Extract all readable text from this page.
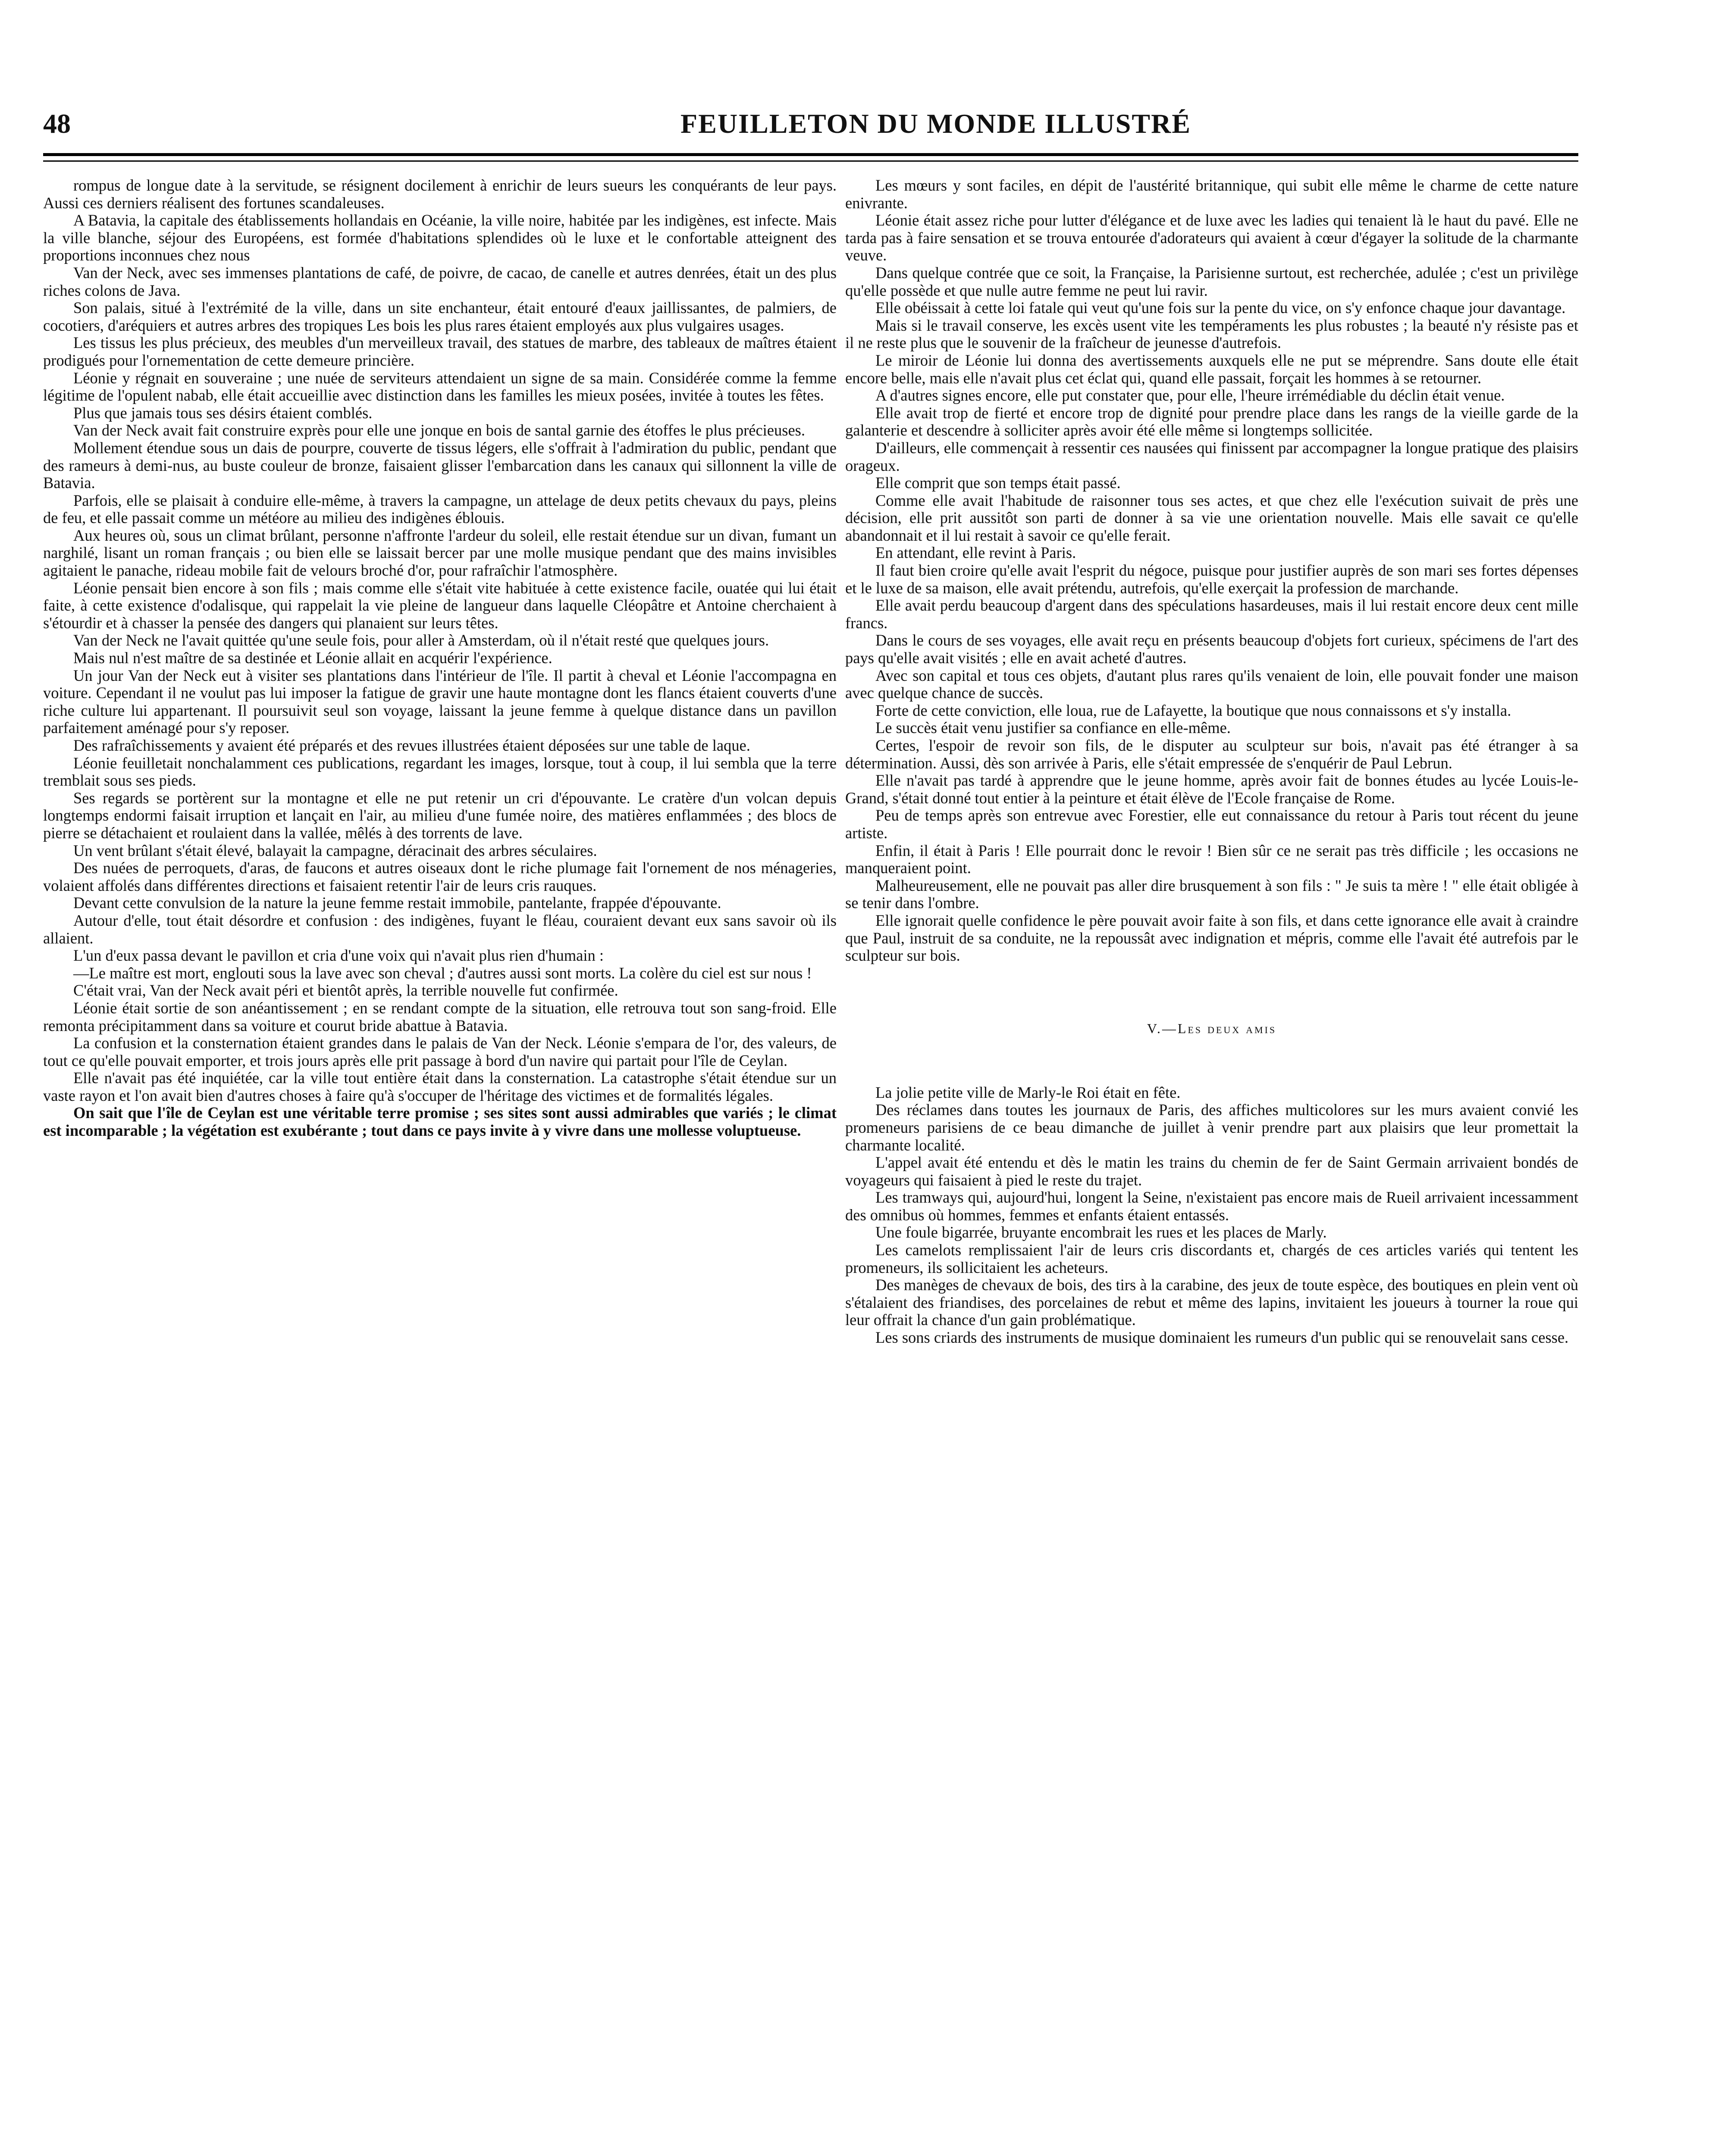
48	FEUILLETON DU MONDE ILLUSTRÉ

rompus de longue date à la servitude, se résignent docilement à enrichir de leurs sueurs les conquérants de leur pays. Aussi ces derniers réalisent des fortunes scandaleuses.

A Batavia, la capitale des établissements hollandais en Océanie, la ville noire, habitée par les indigènes, est infecte. Mais la ville blanche, séjour des Européens, est formée d'habitations splendides où le luxe et le confortable atteignent des proportions inconnues chez nous

Van der Neck, avec ses immenses plantations de café, de poivre, de cacao, de canelle et autres denrées, était un des plus riches colons de Java.

Son palais, situé à l'extrémité de la ville, dans un site enchanteur, était entouré d'eaux jaillissantes, de palmiers, de cocotiers, d'aréquiers et autres arbres des tropiques Les bois les plus rares étaient employés aux plus vulgaires usages.

Les tissus les plus précieux, des meubles d'un merveilleux travail, des statues de marbre, des tableaux de maîtres étaient prodigués pour l'ornementation de cette demeure princière.

Léonie y régnait en souveraine ; une nuée de serviteurs attendaient un signe de sa main. Considérée comme la femme légitime de l'opulent nabab, elle était accueillie avec distinction dans les familles les mieux posées, invitée à toutes les fêtes.

Plus que jamais tous ses désirs étaient comblés.

Van der Neck avait fait construire exprès pour elle une jonque en bois de santal garnie des étoffes le plus précieuses.

Mollement étendue sous un dais de pourpre, couverte de tissus légers, elle s'offrait à l'admiration du public, pendant que des rameurs à demi-nus, au buste couleur de bronze, faisaient glisser l'embarcation dans les canaux qui sillonnent la ville de Batavia.

Parfois, elle se plaisait à conduire elle-même, à travers la campagne, un attelage de deux petits chevaux du pays, pleins de feu, et elle passait comme un météore au milieu des indigènes éblouis.

Aux heures où, sous un climat brûlant, personne n'affronte l'ardeur du soleil, elle restait étendue sur un divan, fumant un narghilé, lisant un roman français ; ou bien elle se laissait bercer par une molle musique pendant que des mains invisibles agitaient le panache, rideau mobile fait de velours broché d'or, pour rafraîchir l'atmosphère.

Léonie pensait bien encore à son fils ; mais comme elle s'était vite habituée à cette existence facile, ouatée qui lui était faite, à cette existence d'odalisque, qui rappelait la vie pleine de langueur dans laquelle Cléopâtre et Antoine cherchaient à s'étourdir et à chasser la pensée des dangers qui planaient sur leurs têtes.

Van der Neck ne l'avait quittée qu'une seule fois, pour aller à Amsterdam, où il n'était resté que quelques jours.

Mais nul n'est maître de sa destinée et Léonie allait en acquérir l'expérience.

Un jour Van der Neck eut à visiter ses plantations dans l'intérieur de l'île. Il partit à cheval et Léonie l'accompagna en voiture. Cependant il ne voulut pas lui imposer la fatigue de gravir une haute montagne dont les flancs étaient couverts d'une riche culture lui appartenant. Il poursuivit seul son voyage, laissant la jeune femme à quelque distance dans un pavillon parfaitement aménagé pour s'y reposer.

Des rafraîchissements y avaient été préparés et des revues illustrées étaient déposées sur une table de laque.

Léonie feuilletait nonchalamment ces publications, regardant les images, lorsque, tout à coup, il lui sembla que la terre tremblait sous ses pieds.

Ses regards se portèrent sur la montagne et elle ne put retenir un cri d'épouvante. Le cratère d'un volcan depuis longtemps endormi faisait irruption et lançait en l'air, au milieu d'une fumée noire, des matières enflammées ; des blocs de pierre se détachaient et roulaient dans la vallée, mêlés à des torrents de lave.

Un vent brûlant s'était élevé, balayait la campagne, déracinait des arbres séculaires.

Des nuées de perroquets, d'aras, de faucons et autres oiseaux dont le riche plumage fait l'ornement de nos ménageries, volaient affolés dans différentes directions et faisaient retentir l'air de leurs cris rauques.

Devant cette convulsion de la nature la jeune femme restait immobile, pantelante, frappée d'épouvante.

Autour d'elle, tout était désordre et confusion : des indigènes, fuyant le fléau, couraient devant eux sans savoir où ils allaient.

L'un d'eux passa devant le pavillon et cria d'une voix qui n'avait plus rien d'humain :

—Le maître est mort, englouti sous la lave avec son cheval ; d'autres aussi sont morts. La colère du ciel est sur nous !

C'était vrai, Van der Neck avait péri et bientôt après, la terrible nouvelle fut confirmée.

Léonie était sortie de son anéantissement ; en se rendant compte de la situation, elle retrouva tout son sang-froid. Elle remonta précipitamment dans sa voiture et courut bride abattue à Batavia.

La confusion et la consternation étaient grandes dans le palais de Van der Neck. Léonie s'empara de l'or, des valeurs, de tout ce qu'elle pouvait emporter, et trois jours après elle prit passage à bord d'un navire qui partait pour l'île de Ceylan.

Elle n'avait pas été inquiétée, car la ville tout entière était dans la consternation. La catastrophe s'était étendue sur un vaste rayon et l'on avait bien d'autres choses à faire qu'à s'occuper de l'héritage des victimes et de formalités légales.

On sait que l'île de Ceylan est une véritable terre promise ; ses sites sont aussi admirables que variés ; le climat est incomparable ; la végétation est exubérante ; tout dans ce pays invite à y vivre dans une mollesse voluptueuse.

Les mœurs y sont faciles, en dépit de l'austérité britannique, qui subit elle même le charme de cette nature enivrante.

Léonie était assez riche pour lutter d'élégance et de luxe avec les ladies qui tenaient là le haut du pavé. Elle ne tarda pas à faire sensation et se trouva entourée d'adorateurs qui avaient à cœur d'égayer la solitude de la charmante veuve.

Dans quelque contrée que ce soit, la Française, la Parisienne surtout, est recherchée, adulée ; c'est un privilège qu'elle possède et que nulle autre femme ne peut lui ravir.

Elle obéissait à cette loi fatale qui veut qu'une fois sur la pente du vice, on s'y enfonce chaque jour davantage.

Mais si le travail conserve, les excès usent vite les tempéraments les plus robustes ; la beauté n'y résiste pas et il ne reste plus que le souvenir de la fraîcheur de jeunesse d'autrefois.

Le miroir de Léonie lui donna des avertissements auxquels elle ne put se méprendre. Sans doute elle était encore belle, mais elle n'avait plus cet éclat qui, quand elle passait, forçait les hommes à se retourner.

A d'autres signes encore, elle put constater que, pour elle, l'heure irrémédiable du déclin était venue.

Elle avait trop de fierté et encore trop de dignité pour prendre place dans les rangs de la vieille garde de la galanterie et descendre à solliciter après avoir été elle même si longtemps sollicitée.

D'ailleurs, elle commençait à ressentir ces nausées qui finissent par accompagner la longue pratique des plaisirs orageux.

Elle comprit que son temps était passé.

Comme elle avait l'habitude de raisonner tous ses actes, et que chez elle l'exécution suivait de près une décision, elle prit aussitôt son parti de donner à sa vie une orientation nouvelle. Mais elle savait ce qu'elle abandonnait et il lui restait à savoir ce qu'elle ferait.

En attendant, elle revint à Paris.

Il faut bien croire qu'elle avait l'esprit du négoce, puisque pour justifier auprès de son mari ses fortes dépenses et le luxe de sa maison, elle avait prétendu, autrefois, qu'elle exerçait la profession de marchande.

Elle avait perdu beaucoup d'argent dans des spéculations hasardeuses, mais il lui restait encore deux cent mille francs.

Dans le cours de ses voyages, elle avait reçu en présents beaucoup d'objets fort curieux, spécimens de l'art des pays qu'elle avait visités ; elle en avait acheté d'autres.

Avec son capital et tous ces objets, d'autant plus rares qu'ils venaient de loin, elle pouvait fonder une maison avec quelque chance de succès.

Forte de cette conviction, elle loua, rue de Lafayette, la boutique que nous connaissons et s'y installa.

Le succès était venu justifier sa confiance en elle-même.

Certes, l'espoir de revoir son fils, de le disputer au sculpteur sur bois, n'avait pas été étranger à sa détermination. Aussi, dès son arrivée à Paris, elle s'était empressée de s'enquérir de Paul Lebrun.

Elle n'avait pas tardé à apprendre que le jeune homme, après avoir fait de bonnes études au lycée Louis-le-Grand, s'était donné tout entier à la peinture et était élève de l'Ecole française de Rome.

Peu de temps après son entrevue avec Forestier, elle eut connaissance du retour à Paris tout récent du jeune artiste.

Enfin, il était à Paris ! Elle pourrait donc le revoir ! Bien sûr ce ne serait pas très difficile ; les occasions ne manqueraient point.

Malheureusement, elle ne pouvait pas aller dire brusquement à son fils : " Je suis ta mère ! " elle était obligée à se tenir dans l'ombre.

Elle ignorait quelle confidence le père pouvait avoir faite à son fils, et dans cette ignorance elle avait à craindre que Paul, instruit de sa conduite, ne la repoussât avec indignation et mépris, comme elle l'avait été autrefois par le sculpteur sur bois.

V.—Les deux amis

La jolie petite ville de Marly-le Roi était en fête.

Des réclames dans toutes les journaux de Paris, des affiches multicolores sur les murs avaient convié les promeneurs parisiens de ce beau dimanche de juillet à venir prendre part aux plaisirs que leur promettait la charmante localité.

L'appel avait été entendu et dès le matin les trains du chemin de fer de Saint Germain arrivaient bondés de voyageurs qui faisaient à pied le reste du trajet.

Les tramways qui, aujourd'hui, longent la Seine, n'existaient pas encore mais de Rueil arrivaient incessamment des omnibus où hommes, femmes et enfants étaient entassés.

Une foule bigarrée, bruyante encombrait les rues et les places de Marly.

Les camelots remplissaient l'air de leurs cris discordants et, chargés de ces articles variés qui tentent les promeneurs, ils sollicitaient les acheteurs.

Des manèges de chevaux de bois, des tirs à la carabine, des jeux de toute espèce, des boutiques en plein vent où s'étalaient des friandises, des porcelaines de rebut et même des lapins, invitaient les joueurs à tourner la roue qui leur offrait la chance d'un gain problématique.

Les sons criards des instruments de musique dominaient les rumeurs d'un public qui se renouvelait sans cesse.
